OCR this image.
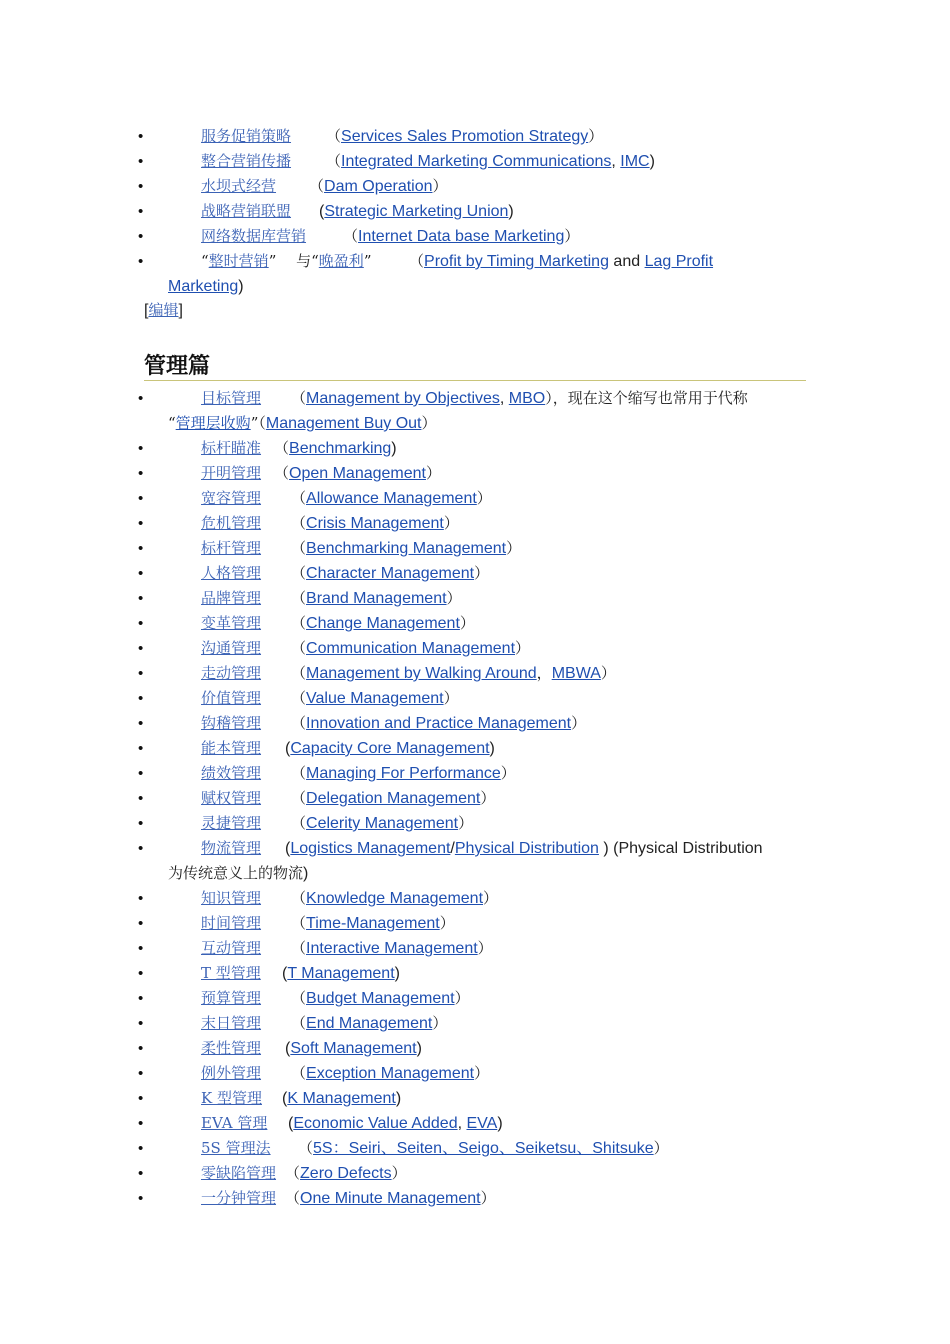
•	服务促销策略 （Services Sales Promotion Strategy）
•	整合营销传播 （Integrated Marketing Communications, IMC)
•	水坝式经营 （Dam Operation）
•	战略营销联盟 (Strategic Marketing Union)
•	网络数据库营销 （Internet Data base Marketing）
•	“整时营销” 　与“晚盈利”	（Profit by Timing Marketing and Lag Profit
Marketing)
[编辑]
管理篇
•	目标管理 （Management by Objectives, MBO），现在这个缩写也常用于代称
“管理层收购”（Management Buy Out）
•	标杆瞄准 （Benchmarking)
•	开明管理 （Open Management）
•	宽容管理 （Allowance Management）
•	危机管理 （Crisis Management）
•	标杆管理 （Benchmarking Management）
•	人格管理 （Character Management）
•	品牌管理 （Brand Management）
•	变革管理 （Change Management）
•	沟通管理 （Communication Management）
•	走动管理 （Management by Walking Around，MBWA）
•	价值管理 （Value Management）
•	钩稽管理 （Innovation and Practice Management）
•	能本管理 (Capacity Core Management)
•	绩效管理 （Managing For Performance）
•	赋权管理 （Delegation Management）
•	灵捷管理 （Celerity Management）
•	物流管理 (Logistics Management/Physical Distribution ) (Physical Distribution
为传统意义上的物流)
•	知识管理 （Knowledge Management）
•	时间管理 （Time-Management）
•	互动管理 （Interactive Management）
•	T 型管理 (T Management)
•	预算管理 （Budget Management）
•	末日管理 （End Management）
•	柔性管理 (Soft Management)
•	例外管理 （Exception Management）
•	K 型管理 (K Management)
•	EVA 管理 (Economic Value Added, EVA)
•	5S 管理法 （5S：Seiri、Seiten、Seigo、Seiketsu、Shitsuke）
•	零缺陷管理 （Zero Defects）
•	一分钟管理 （One Minute Management）
